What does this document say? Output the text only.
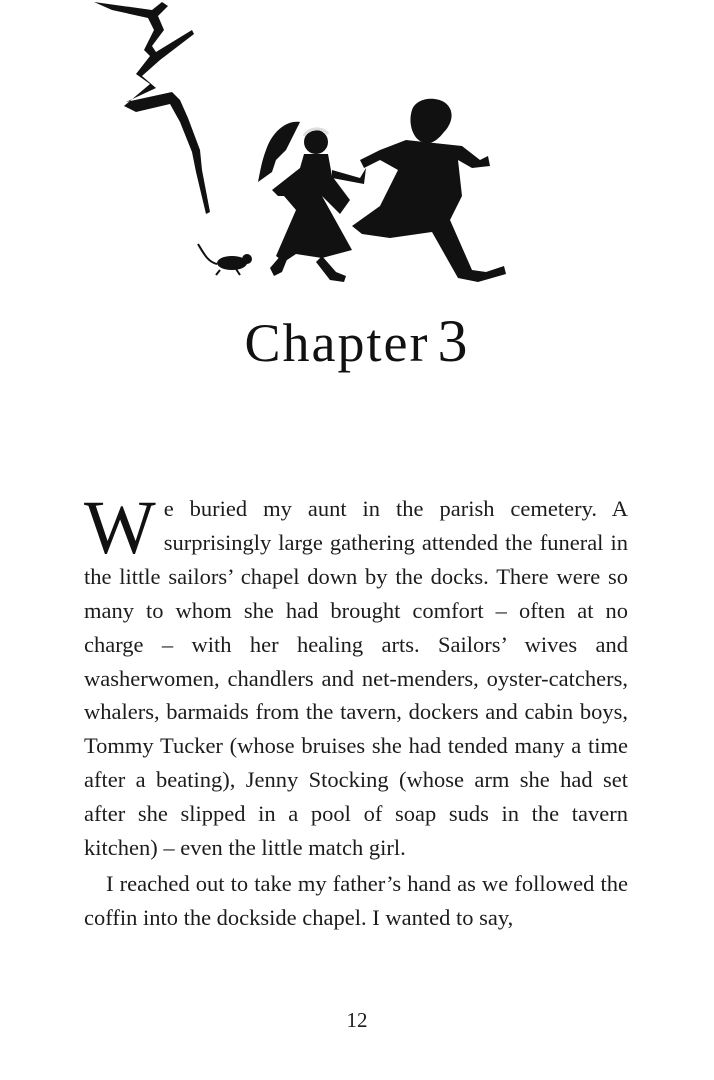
Chapter 3

We buried my aunt in the parish cemetery. A surprisingly large gathering attended the funeral in the little sailors’ chapel down by the docks. There were so many to whom she had brought comfort – often at no charge – with her healing arts. Sailors’ wives and washerwomen, chandlers and net-menders, oyster-catchers, whalers, barmaids from the tavern, dockers and cabin boys, Tommy Tucker (whose bruises she had tended many a time after a beating), Jenny Stocking (whose arm she had set after she slipped in a pool of soap suds in the tavern kitchen) – even the little match girl.

I reached out to take my father’s hand as we followed the coffin into the dockside chapel. I wanted to say,

12
